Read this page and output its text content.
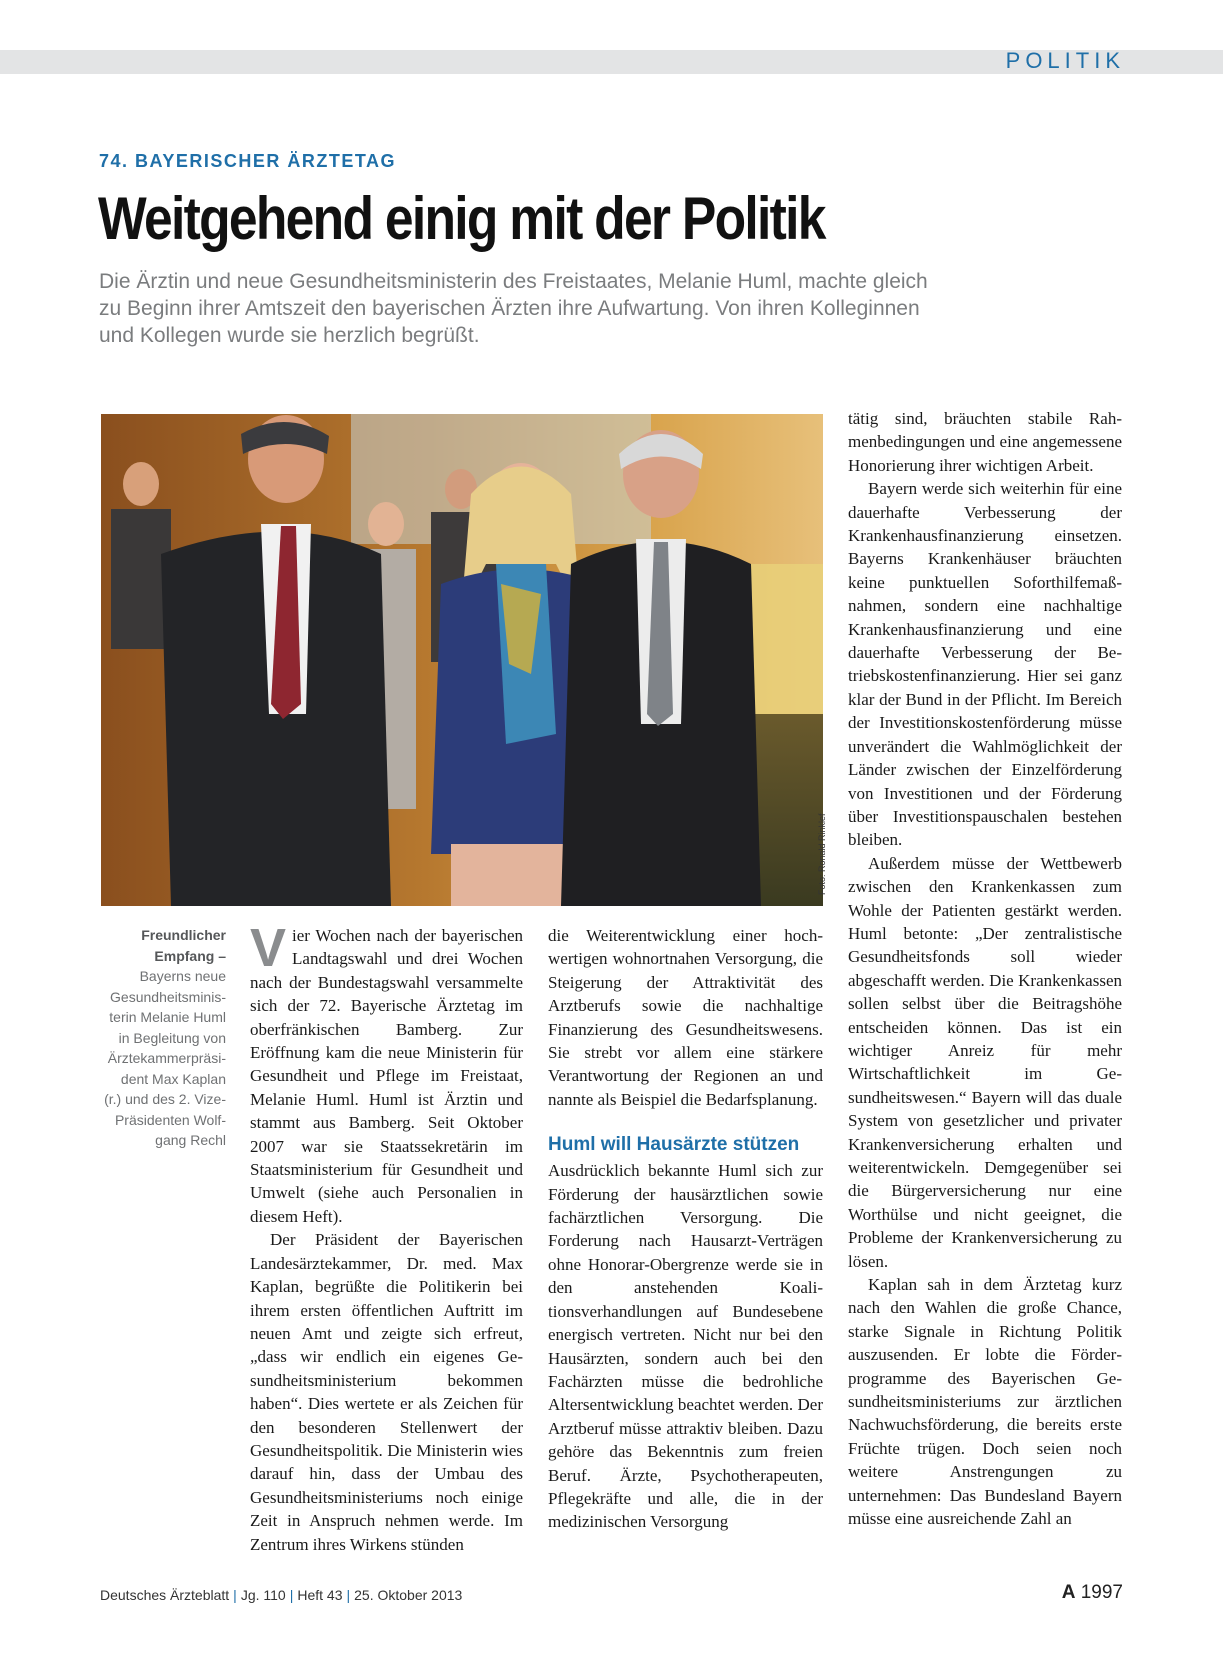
POLITIK
74. BAYERISCHER ÄRZTETAG
Weitgehend einig mit der Politik
Die Ärztin und neue Gesundheitsministerin des Freistaates, Melanie Huml, machte gleich
zu Beginn ihrer Amtszeit den bayerischen Ärzten ihre Aufwartung. Von ihren Kolleginnen
und Kollegen wurde sie herzlich begrüßt.
Foto: Ronald Rinklef
Freundlicher Empfang –
Bayerns neue Gesundheitsministerin Melanie Huml in Begleitung von Ärztekammerpräsident Max Kaplan (r.) und des 2. VizePräsidenten Wolfgang Rechl

Vier Wochen nach der bayerischen Landtagswahl und drei Wochen nach der Bundestagswahl versammelte sich der 72. Bayerische Ärztetag im oberfränkischen Bamberg. Zur Eröffnung kam die neue Ministerin für Gesundheit und Pflege im Freistaat, Melanie Huml. Huml ist Ärztin und stammt aus Bamberg. Seit Oktober 2007 war sie Staatssekretärin im Staatsministerium für Gesundheit und Umwelt (siehe auch Personalien in diesem Heft).

Der Präsident der Bayerischen Landesärztekammer, Dr. med. Max Kaplan, begrüßte die Politikerin bei ihrem ersten öffentlichen Auftritt im neuen Amt und zeigte sich erfreut, „dass wir endlich ein eigenes Gesundheitsministerium bekommen haben“. Dies wertete er als Zeichen für den besonderen Stellenwert der Gesundheitspolitik. Die Ministerin wies darauf hin, dass der Umbau des Gesundheitsministeriums noch einige Zeit in Anspruch nehmen werde. Im Zentrum ihres Wirkens stünden

die Weiterentwicklung einer hochwertigen wohnortnahen Versorgung, die Steigerung der Attraktivität des Arztberufs sowie die nachhaltige Finanzierung des Gesundheitswesens. Sie strebt vor allem eine stärkere Verantwortung der Regionen an und nannte als Beispiel die Bedarfsplanung.

Huml will Hausärzte stützen

Ausdrücklich bekannte Huml sich zur Förderung der hausärztlichen sowie fachärztlichen Versorgung. Die Forderung nach Hausarzt-Verträgen ohne Honorar-Obergrenze werde sie in den anstehenden Koalitionsverhandlungen auf Bundesebene energisch vertreten. Nicht nur bei den Hausärzten, sondern auch bei den Fachärzten müsse die bedrohliche Altersentwicklung beachtet werden. Der Arztberuf müsse attraktiv bleiben. Dazu gehöre das Bekenntnis zum freien Beruf. Ärzte, Psychotherapeuten, Pflegekräfte und alle, die in der medizinischen Versorgung

tätig sind, bräuchten stabile Rahmenbedingungen und eine angemessene Honorierung ihrer wichtigen Arbeit.

Bayern werde sich weiterhin für eine dauerhafte Verbesserung der Krankenhausfinanzierung einsetzen. Bayerns Krankenhäuser bräuchten keine punktuellen Soforthilfemaßnahmen, sondern eine nachhaltige Krankenhausfinanzierung und eine dauerhafte Verbesserung der Betriebskostenfinanzierung. Hier sei ganz klar der Bund in der Pflicht. Im Bereich der Investitionskostenförderung müsse unverändert die Wahlmöglichkeit der Länder zwischen der Einzelförderung von Investitionen und der Förderung über Investitionspauschalen bestehen bleiben.

Außerdem müsse der Wettbewerb zwischen den Krankenkassen zum Wohle der Patienten gestärkt werden. Huml betonte: „Der zentralistische Gesundheitsfonds soll wieder abgeschafft werden. Die Krankenkassen sollen selbst über die Beitragshöhe entscheiden können. Das ist ein wichtiger Anreiz für mehr Wirtschaftlichkeit im Gesundheitswesen.“ Bayern will das duale System von gesetzlicher und privater Krankenversicherung erhalten und weiterentwickeln. Demgegenüber sei die Bürgerversicherung nur eine Worthülse und nicht geeignet, die Probleme der Krankenversicherung zu lösen.

Kaplan sah in dem Ärztetag kurz nach den Wahlen die große Chance, starke Signale in Richtung Politik auszusenden. Er lobte die Förderprogramme des Bayerischen Gesundheitsministeriums zur ärztlichen Nachwuchsförderung, die bereits erste Früchte trügen. Doch seien noch weitere Anstrengungen zu unternehmen: Das Bundesland Bayern müsse eine ausreichende Zahl an

Deutsches Ärzteblatt | Jg. 110 | Heft 43 | 25. Oktober 2013	A 1997
